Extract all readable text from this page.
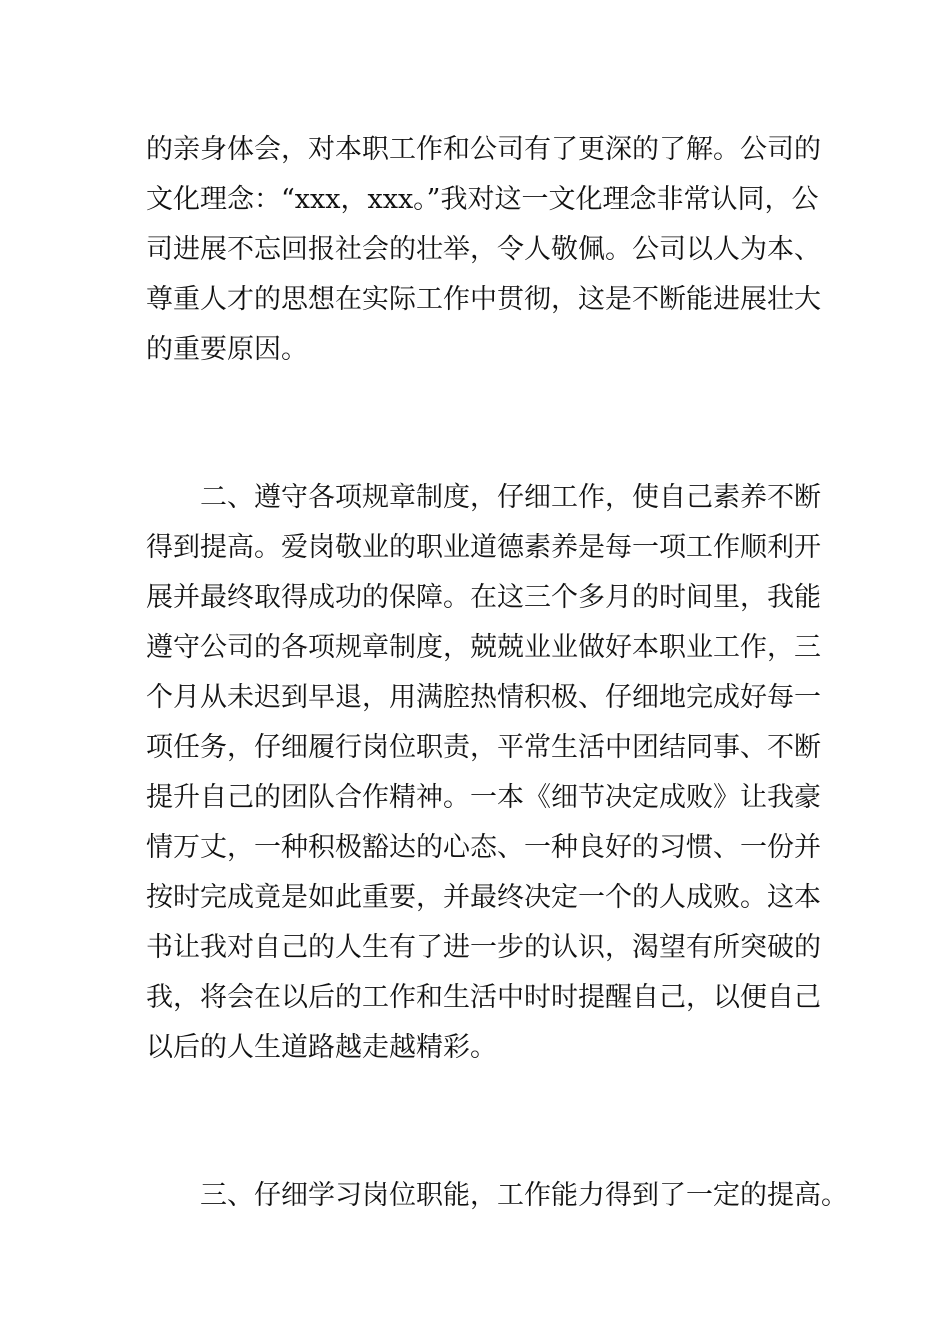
的亲身体会，对本职工作和公司有了更深的了解。公司的
文化理念：“xxx，xxx。”我对这一文化理念非常认同，公
司进展不忘回报社会的壮举，令人敬佩。公司以人为本、
尊重人才的思想在实际工作中贯彻，这是不断能进展壮大
的重要原因。
二、遵守各项规章制度，仔细工作，使自己素养不断
得到提高。爱岗敬业的职业道德素养是每一项工作顺利开
展并最终取得成功的保障。在这三个多月的时间里，我能
遵守公司的各项规章制度，兢兢业业做好本职业工作，三
个月从未迟到早退，用满腔热情积极、仔细地完成好每一
项任务，仔细履行岗位职责，平常生活中团结同事、不断
提升自己的团队合作精神。一本《细节决定成败》让我豪
情万丈，一种积极豁达的心态、一种良好的习惯、一份并
按时完成竟是如此重要，并最终决定一个的人成败。这本
书让我对自己的人生有了进一步的认识，渴望有所突破的
我，将会在以后的工作和生活中时时提醒自己，以便自己
以后的人生道路越走越精彩。
三、仔细学习岗位职能，工作能力得到了一定的提高。
